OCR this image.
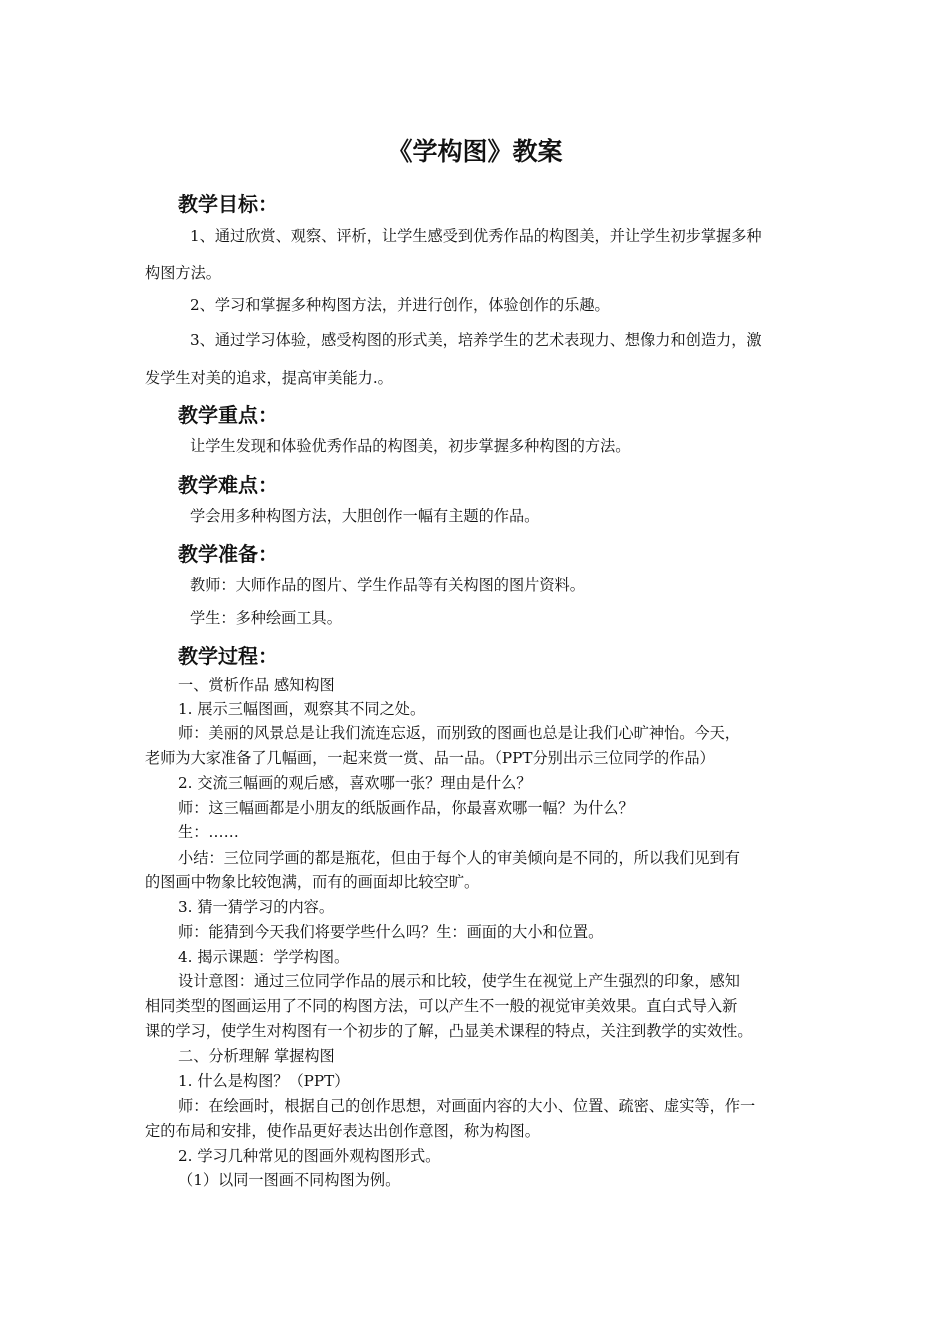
《学构图》教案
教学目标：
1、通过欣赏、观察、评析，让学生感受到优秀作品的构图美，并让学生初步掌握多种
构图方法。
2、学习和掌握多种构图方法，并进行创作，体验创作的乐趣。
3、通过学习体验，感受构图的形式美，培养学生的艺术表现力、想像力和创造力，激
发学生对美的追求，提高审美能力.。
教学重点：
让学生发现和体验优秀作品的构图美，初步掌握多种构图的方法。
教学难点：
学会用多种构图方法，大胆创作一幅有主题的作品。
教学准备：
教师：大师作品的图片、学生作品等有关构图的图片资料。
学生：多种绘画工具。
教学过程：
一、赏析作品 感知构图
1. 展示三幅图画，观察其不同之处。
师：美丽的风景总是让我们流连忘返，而别致的图画也总是让我们心旷神怡。今天，
老师为大家准备了几幅画，一起来赏一赏、品一品。（PPT分别出示三位同学的作品）
2. 交流三幅画的观后感，喜欢哪一张？理由是什么？
师：这三幅画都是小朋友的纸版画作品，你最喜欢哪一幅？为什么？
生：……
小结：三位同学画的都是瓶花，但由于每个人的审美倾向是不同的，所以我们见到有
的图画中物象比较饱满，而有的画面却比较空旷。
3. 猜一猜学习的内容。
师：能猜到今天我们将要学些什么吗？生：画面的大小和位置。
4. 揭示课题：学学构图。
设计意图：通过三位同学作品的展示和比较，使学生在视觉上产生强烈的印象，感知
相同类型的图画运用了不同的构图方法，可以产生不一般的视觉审美效果。直白式导入新
课的学习，使学生对构图有一个初步的了解，凸显美术课程的特点，关注到教学的实效性。
二、分析理解 掌握构图
1. 什么是构图？（PPT）
师：在绘画时，根据自己的创作思想，对画面内容的大小、位置、疏密、虚实等，作一
定的布局和安排，使作品更好表达出创作意图，称为构图。
2. 学习几种常见的图画外观构图形式。
（1）以同一图画不同构图为例。
